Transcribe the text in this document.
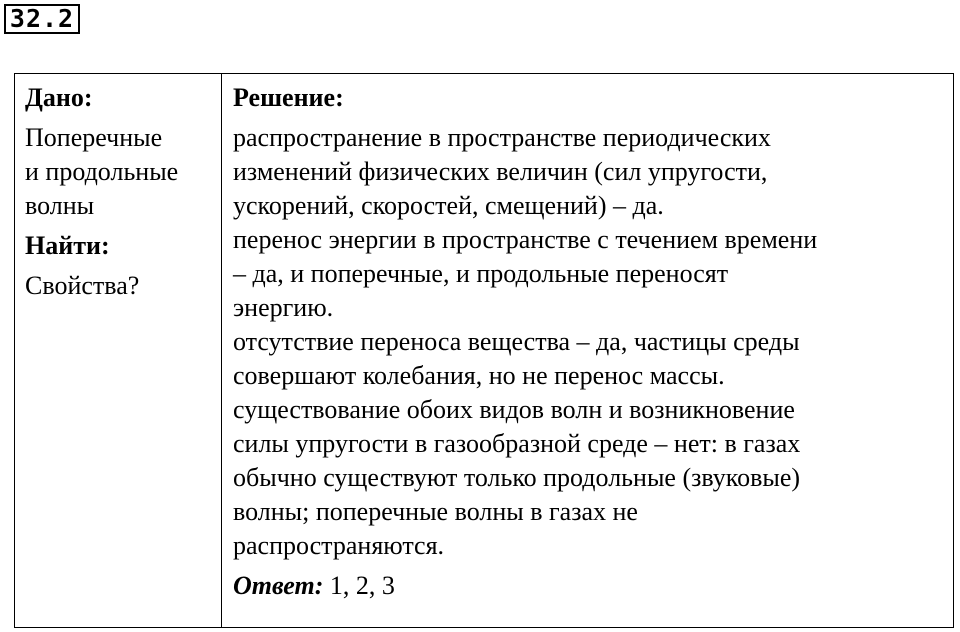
32.2
Дано:
Поперечные
и продольные
волны
Найти:
Свойства?
Решение:
распространение в пространстве периодических
изменений физических величин (сил упругости,
ускорений, скоростей, смещений) – да.
перенос энергии в пространстве с течением времени
– да, и поперечные, и продольные переносят
энергию.
отсутствие переноса вещества – да, частицы среды
совершают колебания, но не перенос массы.
существование обоих видов волн и возникновение
силы упругости в газообразной среде – нет: в газах
обычно существуют только продольные (звуковые)
волны; поперечные волны в газах не
распространяются.
Ответ: 1, 2, 3
